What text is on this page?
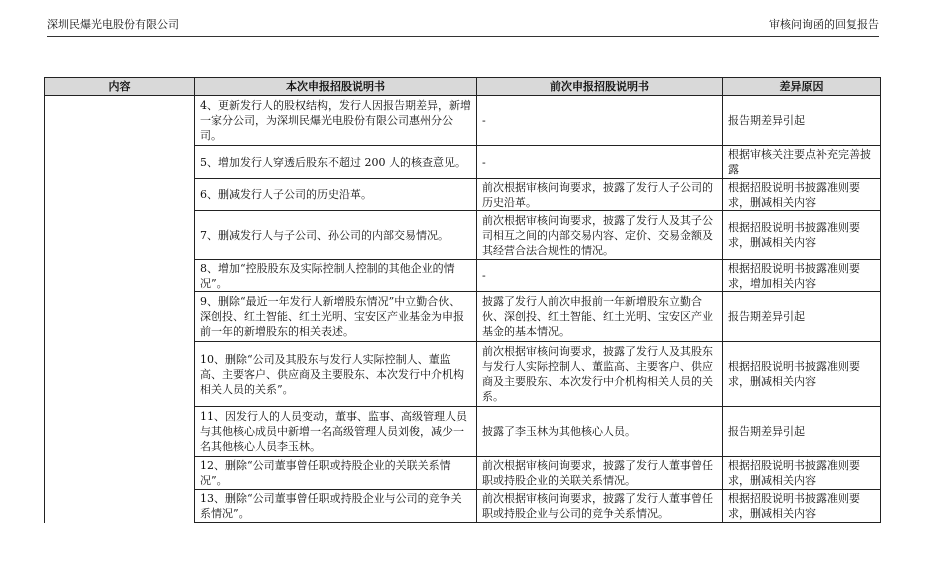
深圳民爆光电股份有限公司	审核问询函的回复报告
内容	本次申报招股说明书	前次申报招股说明书	差异原因
	4、更新发行人的股权结构，发行人因报告期差异，新增一家分公司，为深圳民爆光电股份有限公司惠州分公司。	-	报告期差异引起
	5、增加发行人穿透后股东不超过 200 人的核查意见。	-	根据审核关注要点补充完善披露
	6、删减发行人子公司的历史沿革。	前次根据审核问询要求，披露了发行人子公司的历史沿革。	根据招股说明书披露准则要求，删减相关内容
	7、删减发行人与子公司、孙公司的内部交易情况。	前次根据审核问询要求，披露了发行人及其子公司相互之间的内部交易内容、定价、交易金额及其经营合法合规性的情况。	根据招股说明书披露准则要求，删减相关内容
	8、增加“控股股东及实际控制人控制的其他企业的情况”。	-	根据招股说明书披露准则要求，增加相关内容
	9、删除“最近一年发行人新增股东情况”中立勤合伙、深创投、红土智能、红土光明、宝安区产业基金为申报前一年的新增股东的相关表述。	披露了发行人前次申报前一年新增股东立勤合伙、深创投、红土智能、红土光明、宝安区产业基金的基本情况。	报告期差异引起
	10、删除“公司及其股东与发行人实际控制人、董监高、主要客户、供应商及主要股东、本次发行中介机构相关人员的关系”。	前次根据审核问询要求，披露了发行人及其股东与发行人实际控制人、董监高、主要客户、供应商及主要股东、本次发行中介机构相关人员的关系。	根据招股说明书披露准则要求，删减相关内容
	11、因发行人的人员变动，董事、监事、高级管理人员与其他核心成员中新增一名高级管理人员刘俊，减少一名其他核心人员李玉林。	披露了李玉林为其他核心人员。	报告期差异引起
	12、删除“公司董事曾任职或持股企业的关联关系情况”。	前次根据审核问询要求，披露了发行人董事曾任职或持股企业的关联关系情况。	根据招股说明书披露准则要求，删减相关内容
	13、删除“公司董事曾任职或持股企业与公司的竞争关系情况”。	前次根据审核问询要求，披露了发行人董事曾任职或持股企业与公司的竞争关系情况。	根据招股说明书披露准则要求，删减相关内容
